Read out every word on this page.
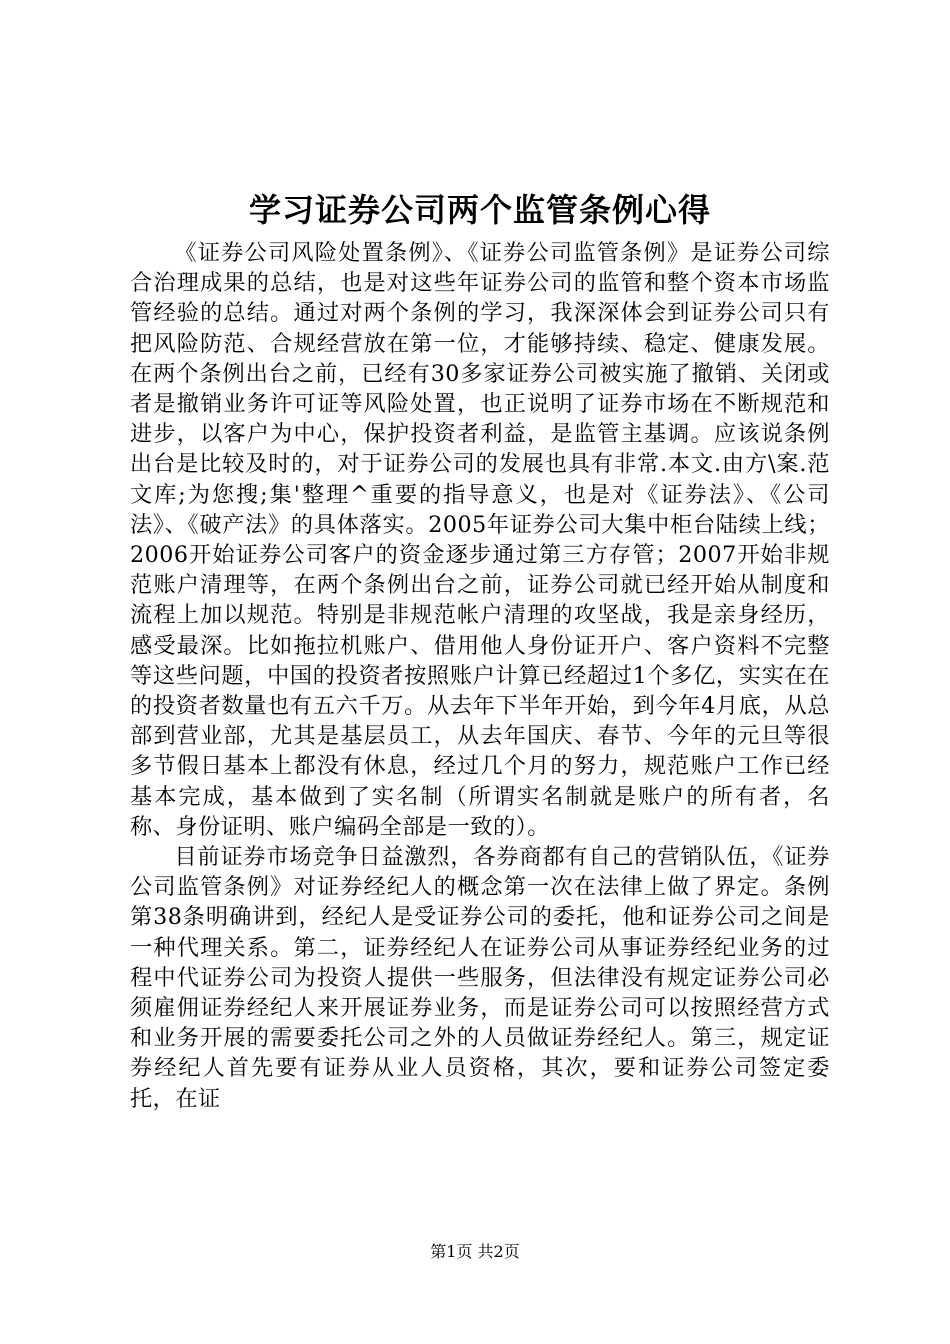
学习证券公司两个监管条例心得

《证券公司风险处置条例》、《证券公司监管条例》是证券公司综合治理成果的总结，也是对这些年证券公司的监管和整个资本市场监管经验的总结。通过对两个条例的学习，我深深体会到证券公司只有把风险防范、合规经营放在第一位，才能够持续、稳定、健康发展。在两个条例出台之前，已经有30多家证券公司被实施了撤销、关闭或者是撤销业务许可证等风险处置，也正说明了证券市场在不断规范和进步，以客户为中心，保护投资者利益，是监管主基调。应该说条例出台是比较及时的，对于证券公司的发展也具有非常.本文.由方\案.范文库;为您搜;集'整理^重要的指导意义，也是对《证券法》、《公司法》、《破产法》的具体落实。2005年证券公司大集中柜台陆续上线；2006开始证券公司客户的资金逐步通过第三方存管；2007开始非规范账户清理等，在两个条例出台之前，证券公司就已经开始从制度和流程上加以规范。特别是非规范帐户清理的攻坚战，我是亲身经历，感受最深。比如拖拉机账户、借用他人身份证开户、客户资料不完整等这些问题，中国的投资者按照账户计算已经超过1个多亿，实实在在的投资者数量也有五六千万。从去年下半年开始，到今年4月底，从总部到营业部，尤其是基层员工，从去年国庆、春节、今年的元旦等很多节假日基本上都没有休息，经过几个月的努力，规范账户工作已经基本完成，基本做到了实名制（所谓实名制就是账户的所有者，名称、身份证明、账户编码全部是一致的）。

目前证券市场竞争日益激烈，各券商都有自己的营销队伍，《证券公司监管条例》对证券经纪人的概念第一次在法律上做了界定。条例第38条明确讲到，经纪人是受证券公司的委托，他和证券公司之间是一种代理关系。第二，证券经纪人在证券公司从事证券经纪业务的过程中代证券公司为投资人提供一些服务，但法律没有规定证券公司必须雇佣证券经纪人来开展证券业务，而是证券公司可以按照经营方式和业务开展的需要委托公司之外的人员做证券经纪人。第三，规定证券经纪人首先要有证券从业人员资格，其次，要和证券公司签定委托，在证

第1页 共2页
